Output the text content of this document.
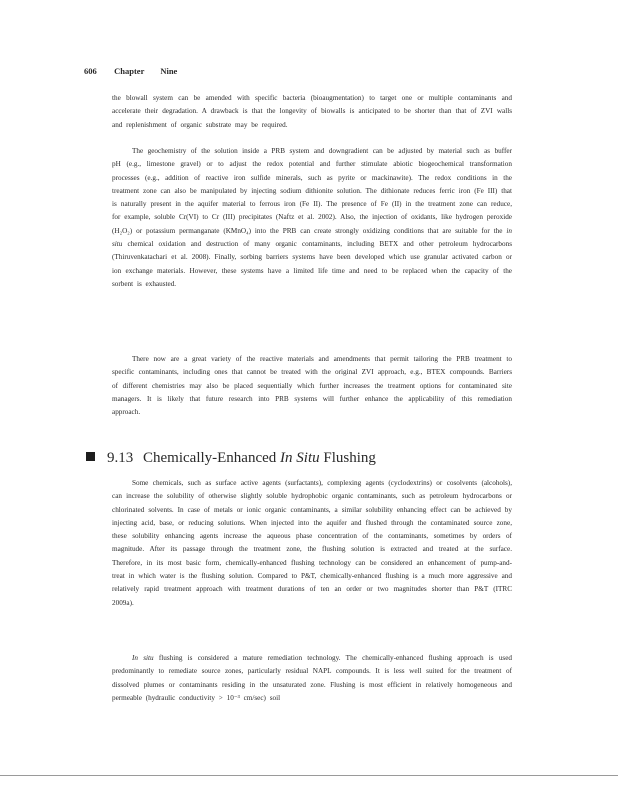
606 Chapter Nine
the blowall system can be amended with specific bacteria (bioaugmentation) to target one or multiple contaminants and accelerate their degradation. A drawback is that the longevity of biowalls is anticipated to be shorter than that of ZVI walls and replenishment of organic substrate may be required.
The geochemistry of the solution inside a PRB system and downgradient can be adjusted by material such as buffer pH (e.g., limestone gravel) or to adjust the redox potential and further stimulate abiotic biogeochemical transformation processes (e.g., addition of reactive iron sulfide minerals, such as pyrite or mackinawite). The redox conditions in the treatment zone can also be manipulated by injecting sodium dithionite solution. The dithionate reduces ferric iron (Fe III) that is naturally present in the aquifer material to ferrous iron (Fe II). The presence of Fe (II) in the treatment zone can reduce, for example, soluble Cr(VI) to Cr (III) precipitates (Naftz et al. 2002). Also, the injection of oxidants, like hydrogen peroxide (H₂O₂) or potassium permanganate (KMnO₄) into the PRB can create strongly oxidizing conditions that are suitable for the in situ chemical oxidation and destruction of many organic contaminants, including BETX and other petroleum hydrocarbons (Thiruvenkatachari et al. 2008). Finally, sorbing barriers systems have been developed which use granular activated carbon or ion exchange materials. However, these systems have a limited life time and need to be replaced when the capacity of the sorbent is exhausted.
There now are a great variety of the reactive materials and amendments that permit tailoring the PRB treatment to specific contaminants, including ones that cannot be treated with the original ZVI approach, e.g., BTEX compounds. Barriers of different chemistries may also be placed sequentially which further increases the treatment options for contaminated site managers. It is likely that future research into PRB systems will further enhance the applicability of this remediation approach.
9.13 Chemically-Enhanced In Situ Flushing
Some chemicals, such as surface active agents (surfactants), complexing agents (cyclodextrins) or cosolvents (alcohols), can increase the solubility of otherwise slightly soluble hydrophobic organic contaminants, such as petroleum hydrocarbons or chlorinated solvents. In case of metals or ionic organic contaminants, a similar solubility enhancing effect can be achieved by injecting acid, base, or reducing solutions. When injected into the aquifer and flushed through the contaminated source zone, these solubility enhancing agents increase the aqueous phase concentration of the contaminants, sometimes by orders of magnitude. After its passage through the treatment zone, the flushing solution is extracted and treated at the surface. Therefore, in its most basic form, chemically-enhanced flushing technology can be considered an enhancement of pump-and-treat in which water is the flushing solution. Compared to P&T, chemically-enhanced flushing is a much more aggressive and relatively rapid treatment approach with treatment durations of ten an order or two magnitudes shorter than P&T (ITRC 2009a).
In situ flushing is considered a mature remediation technology. The chemically-enhanced flushing approach is used predominantly to remediate source zones, particularly residual NAPL compounds. It is less well suited for the treatment of dissolved plumes or contaminants residing in the unsaturated zone. Flushing is most efficient in relatively homogeneous and permeable (hydraulic conductivity > 10⁻³ cm/sec) soil
